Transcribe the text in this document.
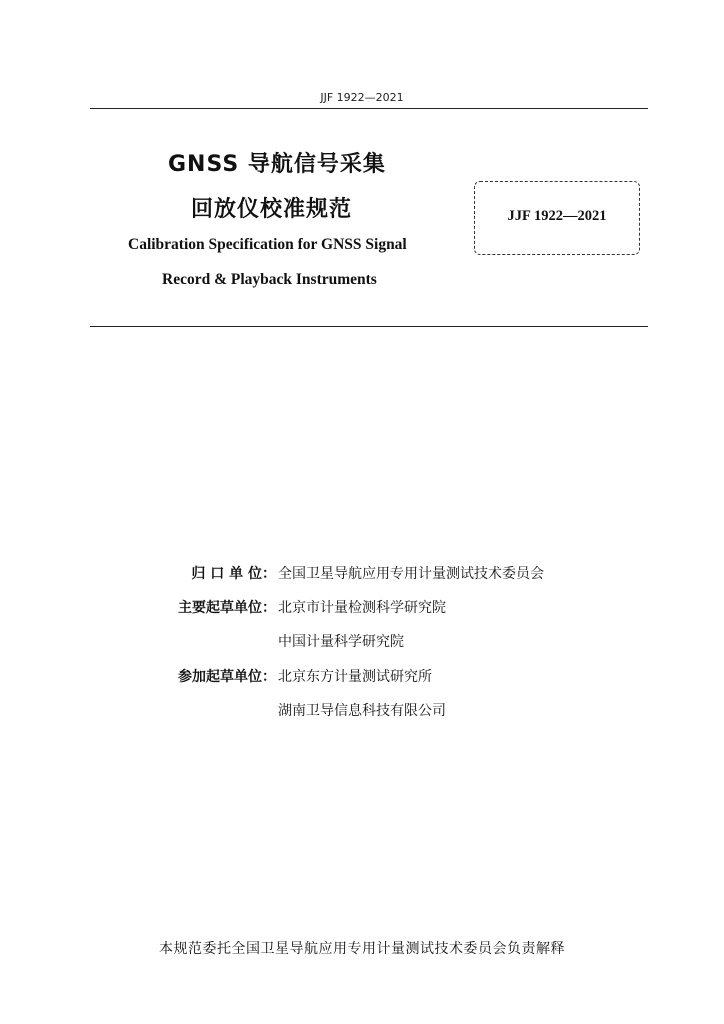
JJF 1922—2021
GNSS 导航信号采集
回放仪校准规范
Calibration Specification for GNSS Signal
Record & Playback Instruments
JJF 1922—2021
归 口 单 位： 全国卫星导航应用专用计量测试技术委员会
主要起草单位： 北京市计量检测科学研究院
中国计量科学研究院
参加起草单位： 北京东方计量测试研究所
湖南卫导信息科技有限公司
本规范委托全国卫星导航应用专用计量测试技术委员会负责解释
